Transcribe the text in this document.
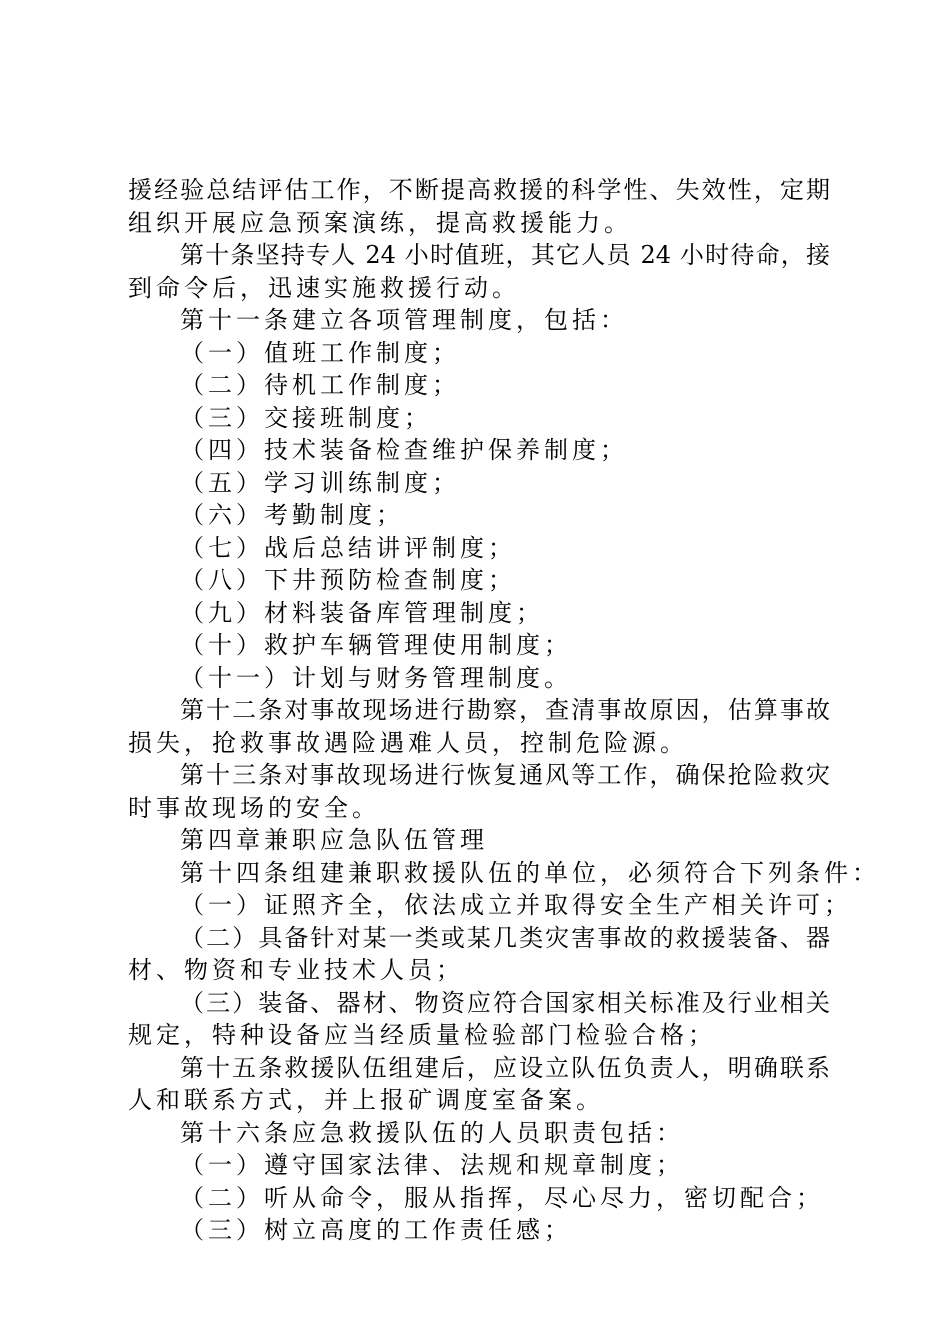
援经验总结评估工作，不断提高救援的科学性、失效性，定期
组织开展应急预案演练，提高救援能力。
第十条坚持专人 24 小时值班，其它人员 24 小时待命，接
到命令后，迅速实施救援行动。
第十一条建立各项管理制度，包括：
（一）值班工作制度；
（二）待机工作制度；
（三）交接班制度；
（四）技术装备检查维护保养制度；
（五）学习训练制度；
（六）考勤制度；
（七）战后总结讲评制度；
（八）下井预防检查制度；
（九）材料装备库管理制度；
（十）救护车辆管理使用制度；
（十一）计划与财务管理制度。
第十二条对事故现场进行勘察，查清事故原因，估算事故
损失，抢救事故遇险遇难人员，控制危险源。
第十三条对事故现场进行恢复通风等工作，确保抢险救灾
时事故现场的安全。
第四章兼职应急队伍管理
第十四条组建兼职救援队伍的单位，必须符合下列条件：
（一）证照齐全，依法成立并取得安全生产相关许可；
（二）具备针对某一类或某几类灾害事故的救援装备、器
材、物资和专业技术人员；
（三）装备、器材、物资应符合国家相关标准及行业相关
规定，特种设备应当经质量检验部门检验合格；
第十五条救援队伍组建后，应设立队伍负责人，明确联系
人和联系方式，并上报矿调度室备案。
第十六条应急救援队伍的人员职责包括：
（一）遵守国家法律、法规和规章制度；
（二）听从命令，服从指挥，尽心尽力，密切配合；
（三）树立高度的工作责任感；
